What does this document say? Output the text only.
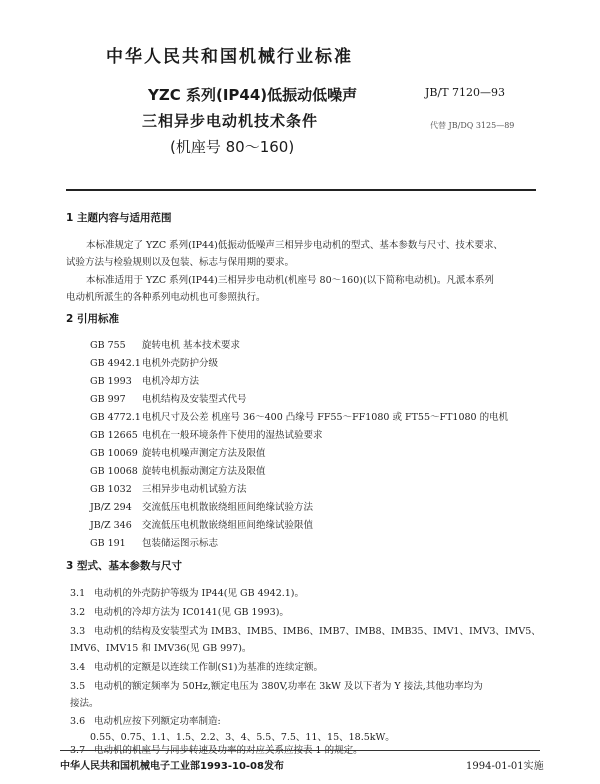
中华人民共和国机械行业标准
YZC 系列(IP44)低振动低噪声
三相异步电动机技术条件
(机座号 80～160)
JB/T 7120—93
代替 JB/DQ 3125—89
1 主题内容与适用范围
本标准规定了 YZC 系列(IP44)低振动低噪声三相异步电动机的型式、基本参数与尺寸、技术要求、
试验方法与检验规则以及包装、标志与保用期的要求。
本标准适用于 YZC 系列(IP44)三相异步电动机(机座号 80～160)(以下简称电动机)。凡派本系列
电动机所派生的各种系列电动机也可参照执行。
2 引用标准
GB 755 旋转电机 基本技术要求
GB 4942.1电机外壳防护分级
GB 1993 电机冷却方法
GB 997 电机结构及安装型式代号
GB 4772.1电机尺寸及公差 机座号 36～400 凸缘号 FF55～FF1080 或 FT55～FT1080 的电机
GB 12665 电机在一般环境条件下使用的湿热试验要求
GB 10069 旋转电机噪声测定方法及限值
GB 10068 旋转电机振动测定方法及限值
GB 1032 三相异步电动机试验方法
JB/Z 294 交流低压电机散嵌绕组匝间绝缘试验方法
JB/Z 346 交流低压电机散嵌绕组匝间绝缘试验限值
GB 191 包装储运图示标志
3 型式、基本参数与尺寸
3.1 电动机的外壳防护等级为 IP44(见 GB 4942.1)。
3.2 电动机的冷却方法为 IC0141(见 GB 1993)。
3.3 电动机的结构及安装型式为 IMB3、IMB5、IMB6、IMB7、IMB8、IMB35、IMV1、IMV3、IMV5、
IMV6、IMV15 和 IMV36(见 GB 997)。
3.4 电动机的定额是以连续工作制(S1)为基准的连续定额。
3.5 电动机的额定频率为 50Hz,额定电压为 380V,功率在 3kW 及以下者为 Y 接法,其他功率均为
接法。
3.6 电动机应按下列额定功率制造:
0.55、0.75、1.1、1.5、2.2、3、4、5.5、7.5、11、15、18.5kW。
中华人民共和国机械电子工业部1993-10-08发布	1994-01-01实施
